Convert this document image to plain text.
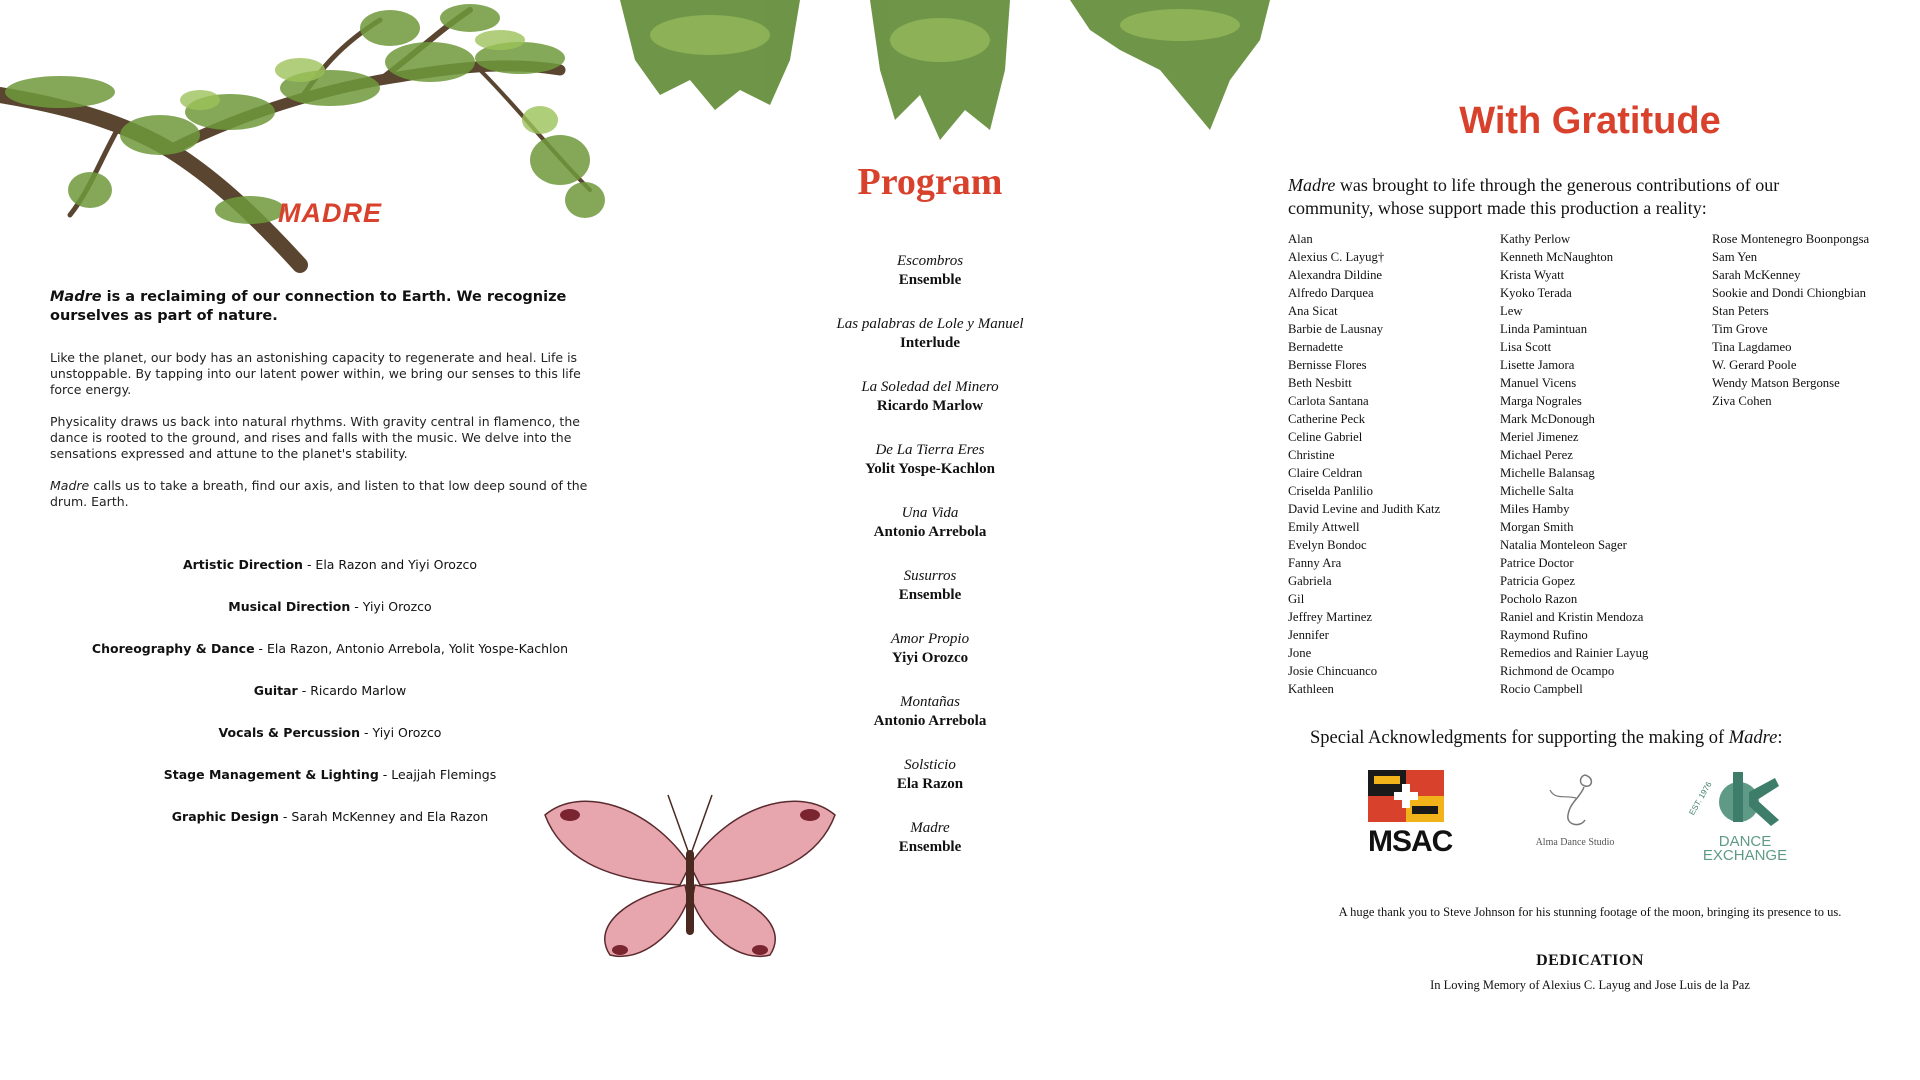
MADRE
Madre is a reclaiming of our connection to Earth. We recognize ourselves as part of nature.
Like the planet, our body has an astonishing capacity to regenerate and heal. Life is unstoppable. By tapping into our latent power within, we bring our senses to this life force energy.
Physicality draws us back into natural rhythms. With gravity central in flamenco, the dance is rooted to the ground, and rises and falls with the music. We delve into the sensations expressed and attune to the planet's stability.
Madre calls us to take a breath, find our axis, and listen to that low deep sound of the drum. Earth.
Artistic Direction - Ela Razon and Yiyi Orozco
Musical Direction - Yiyi Orozco
Choreography & Dance - Ela Razon, Antonio Arrebola, Yolit Yospe-Kachlon
Guitar - Ricardo Marlow
Vocals & Percussion - Yiyi Orozco
Stage Management & Lighting - Leajjah Flemings
Graphic Design - Sarah McKenney and Ela Razon
Program
Escombros
Ensemble
Las palabras de Lole y Manuel
Interlude
La Soledad del Minero
Ricardo Marlow
De La Tierra Eres
Yolit Yospe-Kachlon
Una Vida
Antonio Arrebola
Susurros
Ensemble
Amor Propio
Yiyi Orozco
Montañas
Antonio Arrebola
Solsticio
Ela Razon
Madre
Ensemble
With Gratitude
Madre was brought to life through the generous contributions of our community, whose support made this production a reality:
Alan
Alexius C. Layug†
Alexandra Dildine
Alfredo Darquea
Ana Sicat
Barbie de Lausnay
Bernadette
Bernisse Flores
Beth Nesbitt
Carlota Santana
Catherine Peck
Celine Gabriel
Christine
Claire Celdran
Criselda Panlilio
David Levine and Judith Katz
Emily Attwell
Evelyn Bondoc
Fanny Ara
Gabriela
Gil
Jeffrey Martinez
Jennifer
Jone
Josie Chincuanco
Kathleen
Kathy Perlow
Kenneth McNaughton
Krista Wyatt
Kyoko Terada
Lew
Linda Pamintuan
Lisa Scott
Lisette Jamora
Manuel Vicens
Marga Nograles
Mark McDonough
Meriel Jimenez
Michael Perez
Michelle Balansag
Michelle Salta
Miles Hamby
Morgan Smith
Natalia Monteleon Sager
Patrice Doctor
Patricia Gopez
Pocholo Razon
Raniel and Kristin Mendoza
Raymond Rufino
Remedios and Rainier Layug
Richmond de Ocampo
Rocio Campbell
Rose Montenegro Boonpongsa
Sam Yen
Sarah McKenney
Sookie and Dondi Chiongbian
Stan Peters
Tim Grove
Tina Lagdameo
W. Gerard Poole
Wendy Matson Bergonse
Ziva Cohen
Special Acknowledgments for supporting the making of Madre:
MSAC	Alma Dance Studio
EST. 1976
DANCE
EXCHANGE
A huge thank you to Steve Johnson for his stunning footage of the moon, bringing its presence to us.
DEDICATION
In Loving Memory of Alexius C. Layug and Jose Luis de la Paz
